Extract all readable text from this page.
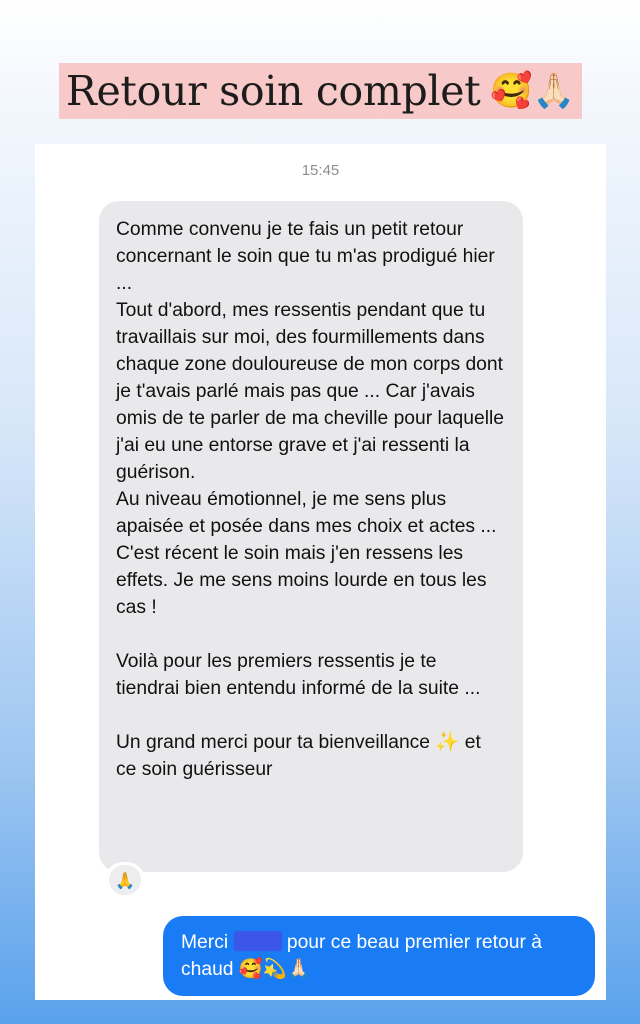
Retour soin complet 🥰🙏🏻
15:45

Comme convenu je te fais un petit retour concernant le soin que tu m'as prodigué hier ...
Tout d'abord, mes ressentis pendant que tu travaillais sur moi, des fourmillements dans chaque zone douloureuse de mon corps dont je t'avais parlé mais pas que ... Car j'avais omis de te parler de ma cheville pour laquelle j'ai eu une entorse grave et j'ai ressenti la guérison.
Au niveau émotionnel, je me sens plus apaisée et posée dans mes choix et actes ... C'est récent le soin mais j'en ressens les effets. Je me sens moins lourde en tous les cas !

Voilà pour les premiers ressentis je te tiendrai bien entendu informé de la suite ...

Un grand merci pour ta bienveillance ✨ et ce soin guérisseur

🙏

Merci	pour ce beau premier retour à chaud 🥰💫🙏🏻
